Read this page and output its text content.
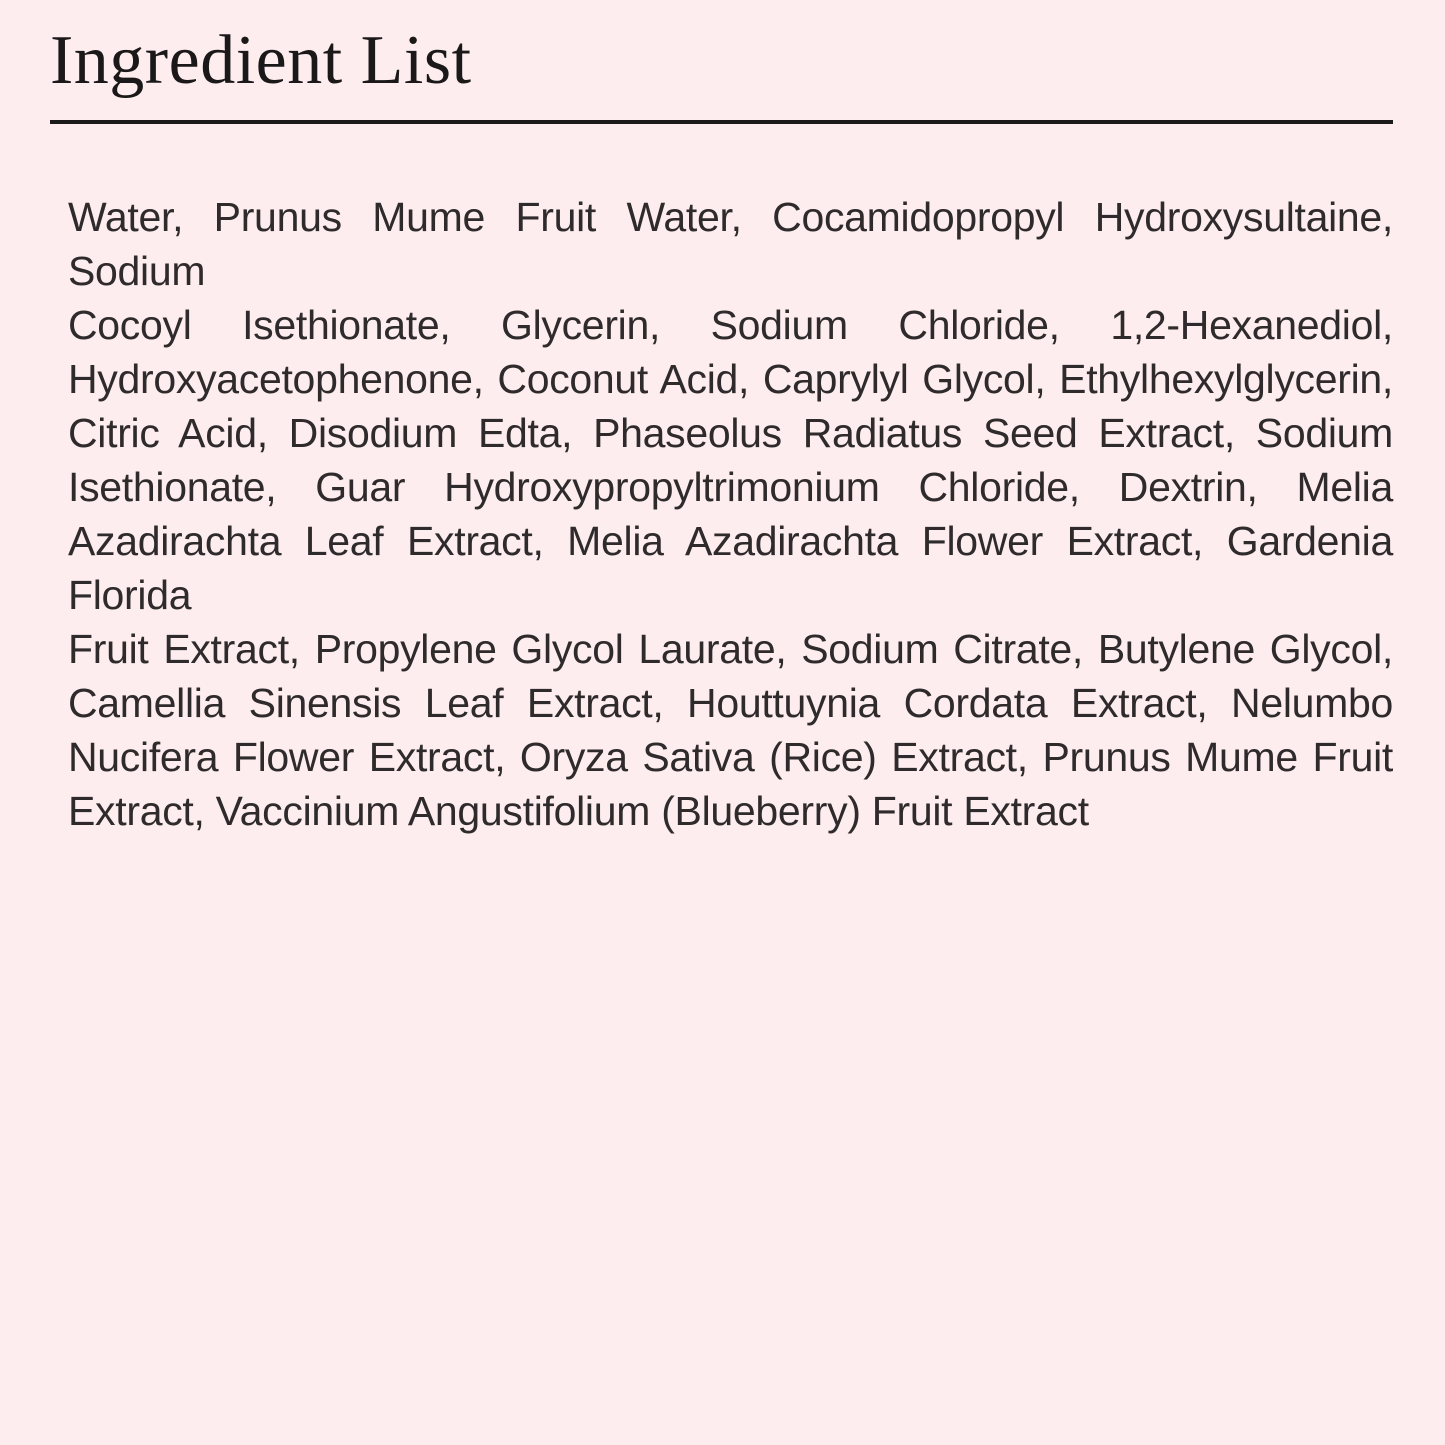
Ingredient List
Water, Prunus Mume Fruit Water, Cocamidopropyl Hydroxysultaine, Sodium
Cocoyl Isethionate, Glycerin, Sodium Chloride, 1,2-Hexanediol,
Hydroxyacetophenone, Coconut Acid, Caprylyl Glycol, Ethylhexylglycerin,
Citric Acid, Disodium Edta, Phaseolus Radiatus Seed Extract, Sodium
Isethionate, Guar Hydroxypropyltrimonium Chloride, Dextrin, Melia
Azadirachta Leaf Extract, Melia Azadirachta Flower Extract, Gardenia Florida
Fruit Extract, Propylene Glycol Laurate, Sodium Citrate, Butylene Glycol,
Camellia Sinensis Leaf Extract, Houttuynia Cordata Extract, Nelumbo
Nucifera Flower Extract, Oryza Sativa (Rice) Extract, Prunus Mume Fruit
Extract, Vaccinium Angustifolium (Blueberry) Fruit Extract
